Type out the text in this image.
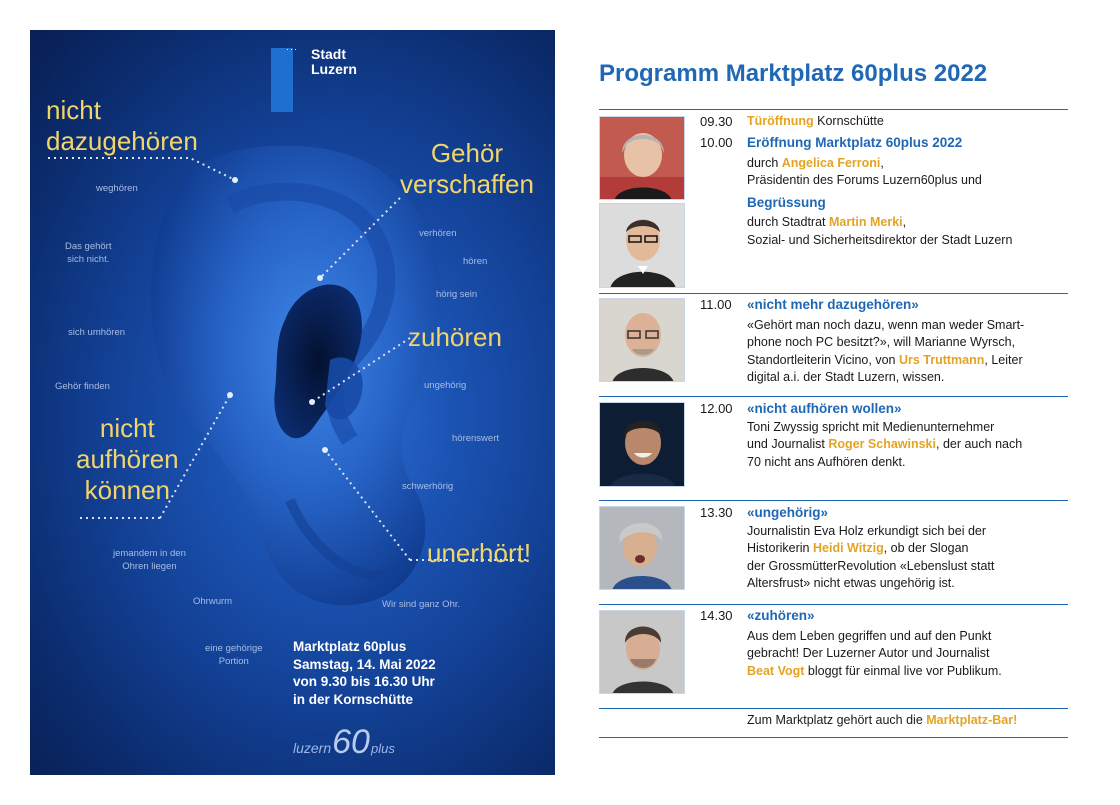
··· Stadt
Luzern
nicht
dazugehören	Gehör
verschaffen
zuhören
nicht
aufhören
können
unerhört!
weghören
Das gehört
sich nicht.
sich umhören
Gehör finden
jemandem in den
Ohren liegen
Ohrwurm
eine gehörige
Portion
verhören
hören
hörig sein
ungehörig
hörenswert
schwerhörig
Wir sind ganz Ohr.
Marktplatz 60plus
Samstag, 14. Mai 2022
von 9.30 bis 16.30 Uhr
in der Kornschütte
luzern 60 plus
Programm Marktplatz 60plus 2022
09.30
10.00
11.00
12.00
13.30
14.30
Türöffnung Kornschütte
Eröffnung Marktplatz 60plus 2022
durch Angelica Ferroni,
Präsidentin des Forums Luzern60plus und
Begrüssung
durch Stadtrat Martin Merki,
Sozial- und Sicherheitsdirektor der Stadt Luzern
«nicht mehr dazugehören»
«Gehört man noch dazu, wenn man weder Smart-
phone noch PC besitzt?», will Marianne Wyrsch,
Standortleiterin Vicino, von Urs Truttmann, Leiter
digital a.i. der Stadt Luzern, wissen.
«nicht aufhören wollen»
Toni Zwyssig spricht mit Medienunternehmer
und Journalist Roger Schawinski, der auch nach
70 nicht ans Aufhören denkt.
«ungehörig»
Journalistin Eva Holz erkundigt sich bei der
Historikerin Heidi Witzig, ob der Slogan
der GrossmütterRevolution «Lebenslust statt
Altersfrust» nicht etwas ungehörig ist.
«zuhören»
Aus dem Leben gegriffen und auf den Punkt
gebracht! Der Luzerner Autor und Journalist
Beat Vogt bloggt für einmal live vor Publikum.
Zum Marktplatz gehört auch die Marktplatz-Bar!
